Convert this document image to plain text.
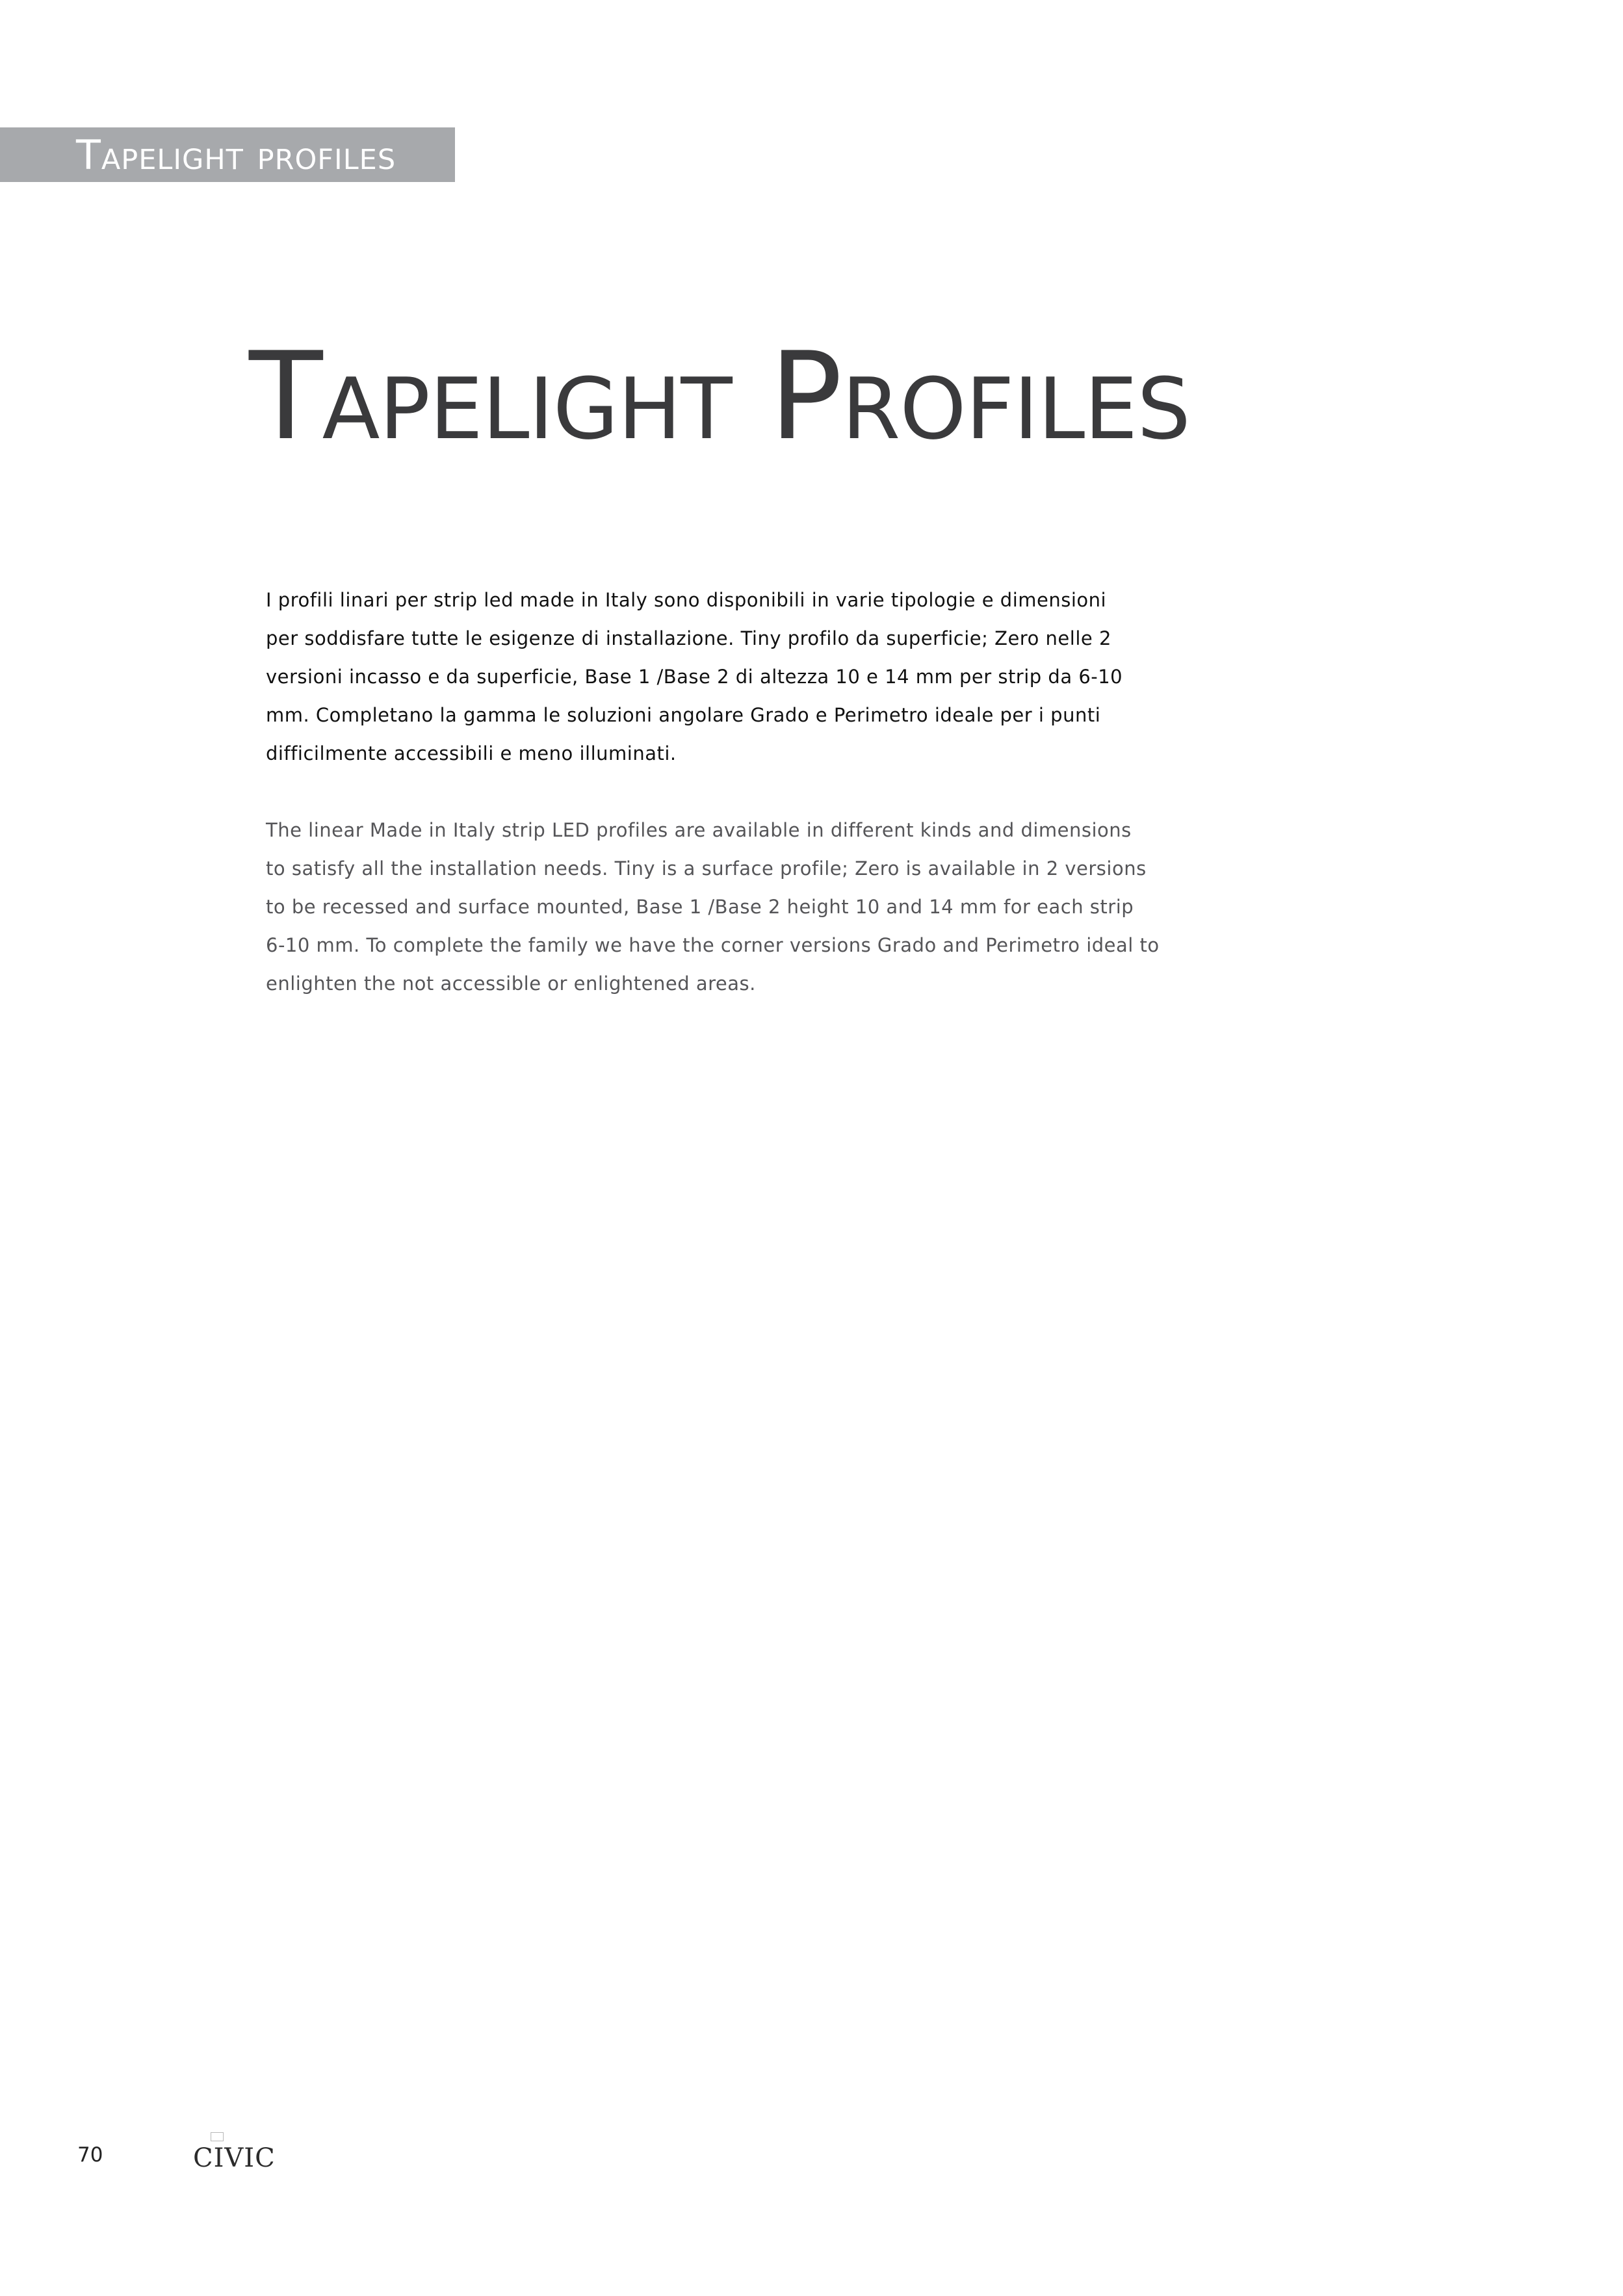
Tapelight profiles
Tapelight Profiles
I profili linari per strip led made in Italy sono disponibili in varie tipologie e dimensioni
per soddisfare tutte le esigenze di installazione. Tiny profilo da superficie; Zero nelle 2
versioni incasso e da superficie, Base 1 /Base 2 di altezza 10 e 14 mm per strip da 6-10
mm. Completano la gamma le soluzioni angolare Grado e Perimetro ideale per i punti
difficilmente accessibili e meno illuminati.
The linear Made in Italy strip LED profiles are available in different kinds and dimensions
to satisfy all the installation needs. Tiny is a surface profile; Zero is available in 2 versions
to be recessed and surface mounted, Base 1 /Base 2 height 10 and 14 mm for each strip
6-10 mm. To complete the family we have the corner versions Grado and Perimetro ideal to
enlighten the not accessible or enlightened areas.
70	CIVIC
